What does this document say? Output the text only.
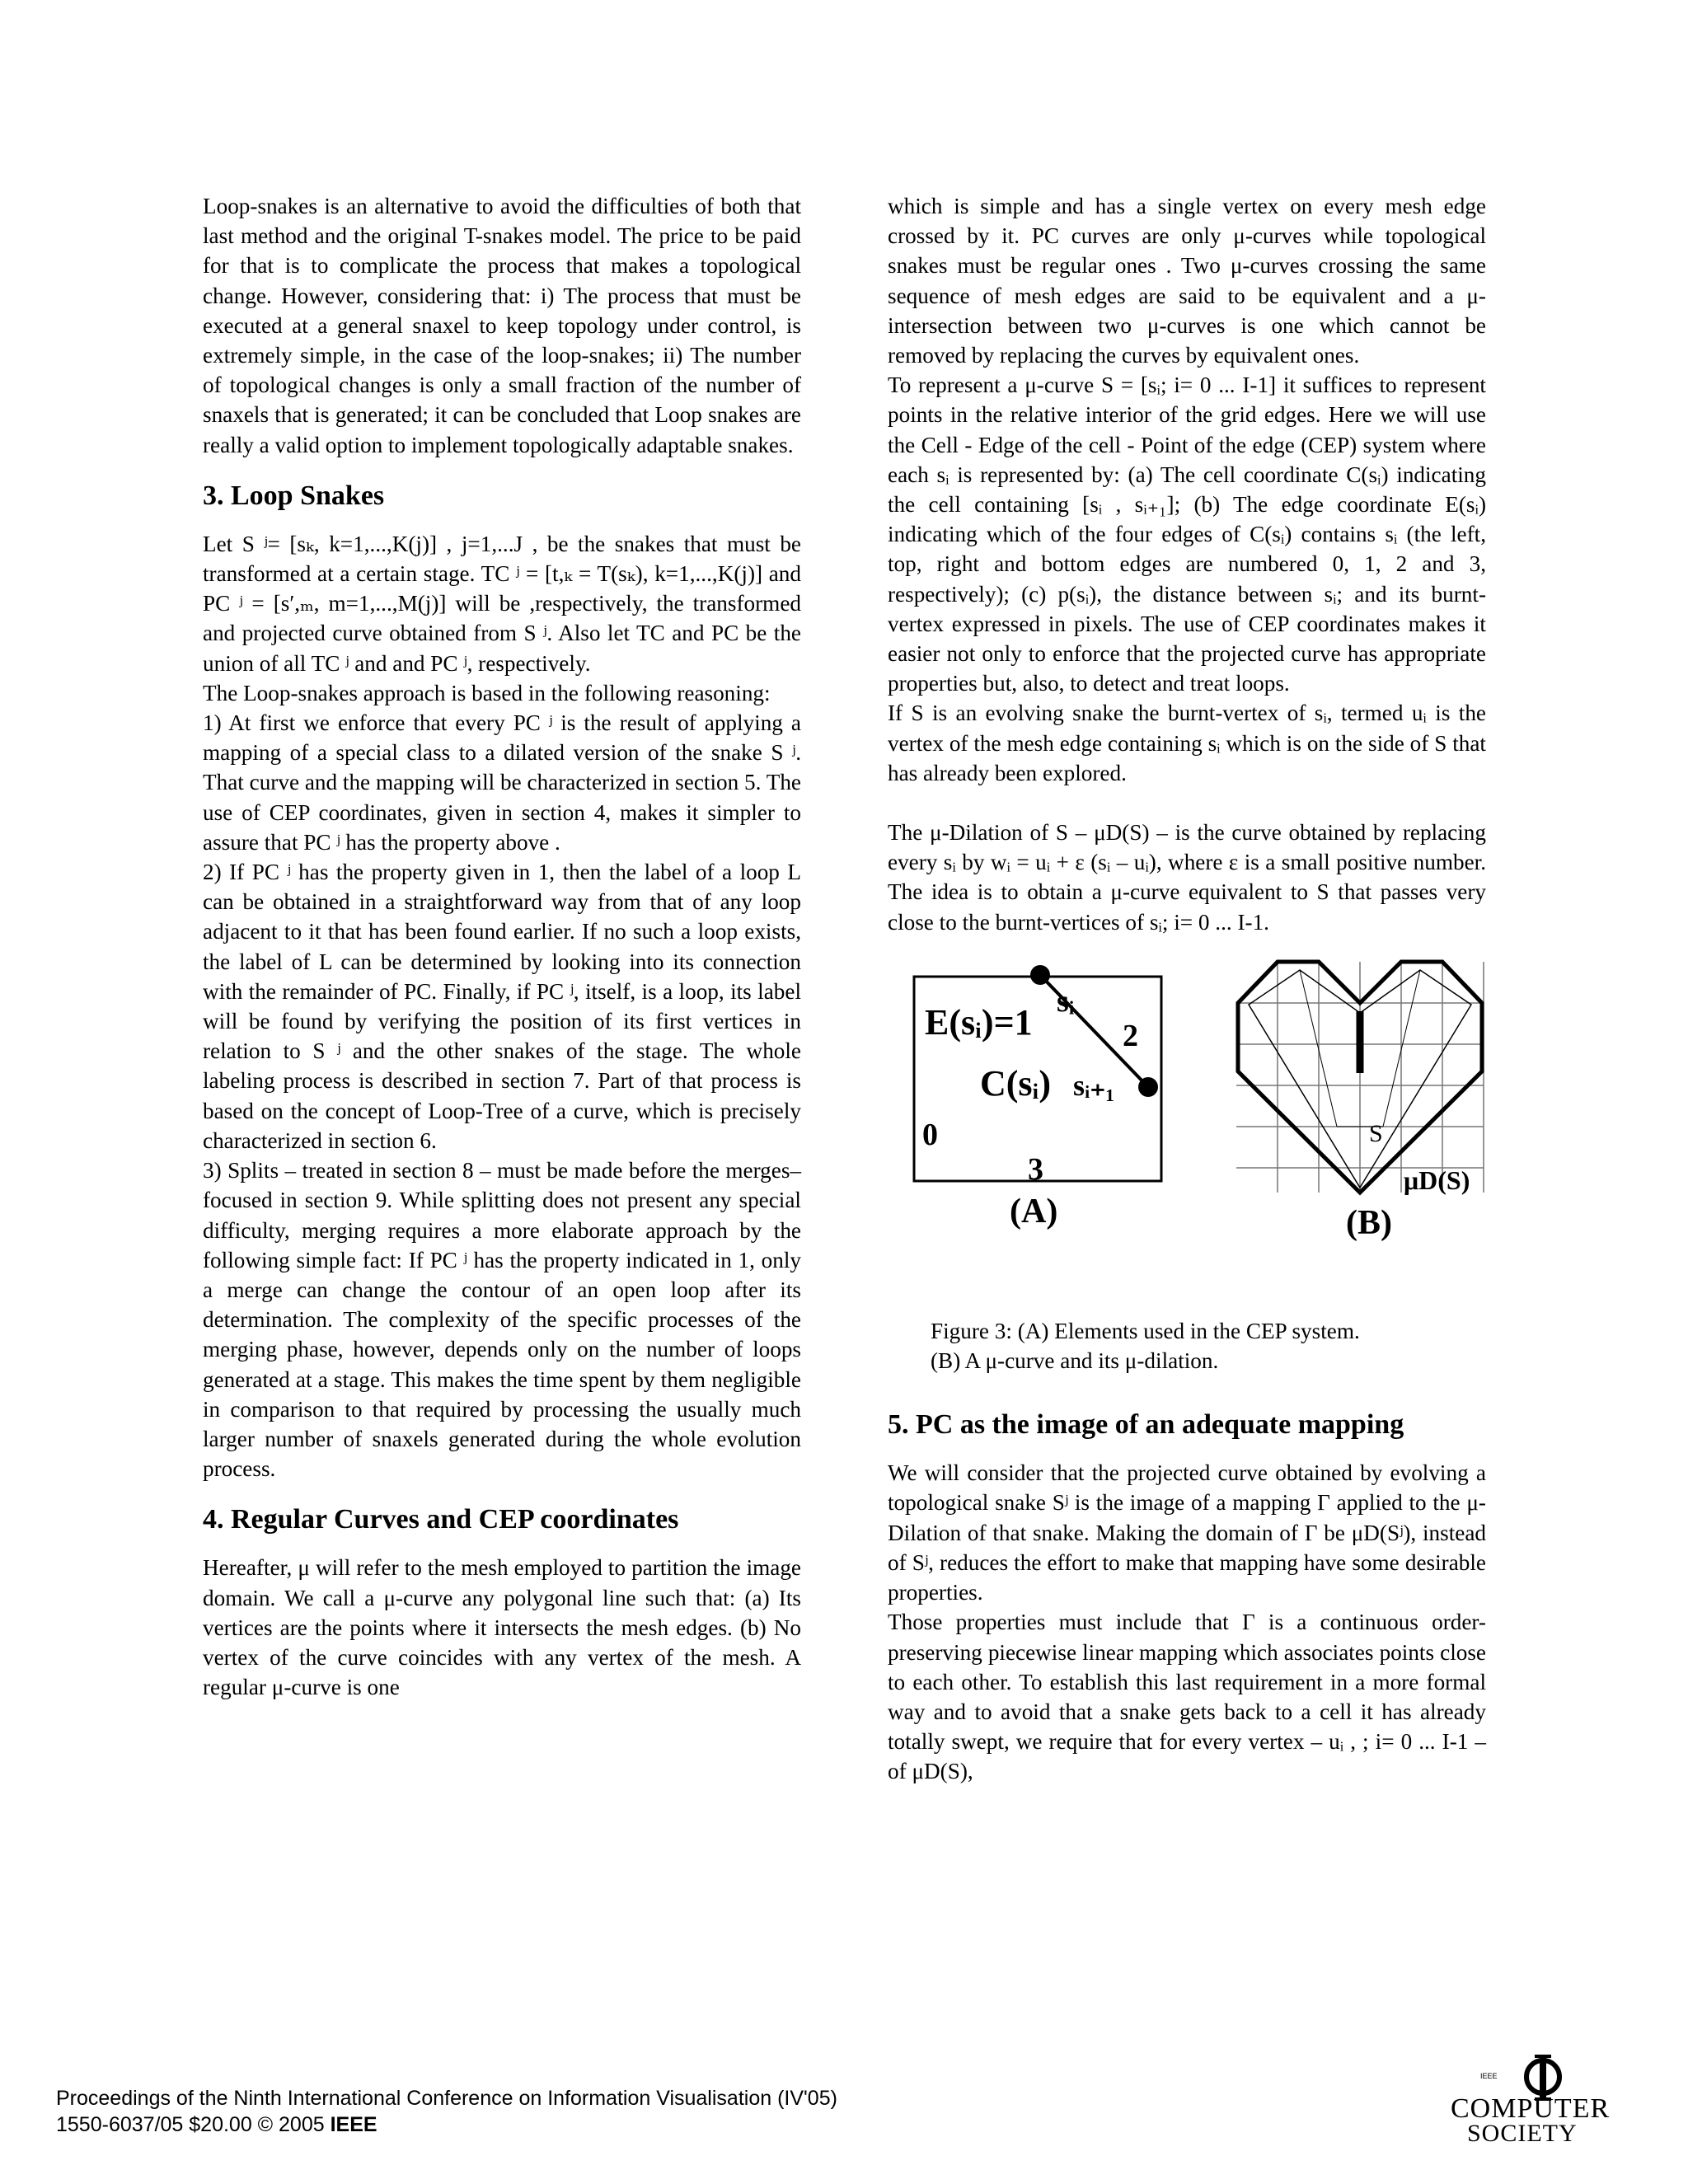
Loop-snakes is an alternative to avoid the difficulties of both that last method and the original T-snakes model. The price to be paid for that is to complicate the process that makes a topological change. However, considering that: i) The process that must be executed at a general snaxel to keep topology under control, is extremely simple, in the case of the loop-snakes; ii) The number of topological changes is only a small fraction of the number of snaxels that is generated; it can be concluded that Loop snakes are really a valid option to implement topologically adaptable snakes.

3. Loop Snakes

Let S ʲ= [sₖ, k=1,...,K(j)] , j=1,...J , be the snakes that must be transformed at a certain stage. TC ʲ = [t,ₖ = T(sₖ), k=1,...,K(j)] and PC ʲ = [s′,ₘ, m=1,...,M(j)] will be ,respectively, the transformed and projected curve obtained from S ʲ. Also let TC and PC be the union of all TC ʲ and and PC ʲ, respectively.

The Loop-snakes approach is based in the following reasoning:

1) At first we enforce that every PC ʲ is the result of applying a mapping of a special class to a dilated version of the snake S ʲ. That curve and the mapping will be characterized in section 5. The use of CEP coordinates, given in section 4, makes it simpler to assure that PC ʲ has the property above .

2) If PC ʲ has the property given in 1, then the label of a loop L can be obtained in a straightforward way from that of any loop adjacent to it that has been found earlier. If no such a loop exists, the label of L can be determined by looking into its connection with the remainder of PC. Finally, if PC ʲ, itself, is a loop, its label will be found by verifying the position of its first vertices in relation to S ʲ and the other snakes of the stage. The whole labeling process is described in section 7. Part of that process is based on the concept of Loop-Tree of a curve, which is precisely characterized in section 6.

3) Splits – treated in section 8 – must be made before the merges– focused in section 9. While splitting does not present any special difficulty, merging requires a more elaborate approach by the following simple fact: If PC ʲ has the property indicated in 1, only a merge can change the contour of an open loop after its determination. The complexity of the specific processes of the merging phase, however, depends only on the number of loops generated at a stage. This makes the time spent by them negligible in comparison to that required by processing the usually much larger number of snaxels generated during the whole evolution process.

4. Regular Curves and CEP coordinates

Hereafter, μ will refer to the mesh employed to partition the image domain. We call a μ-curve any polygonal line such that: (a) Its vertices are the points where it intersects the mesh edges. (b) No vertex of the curve coincides with any vertex of the mesh. A regular μ-curve is one

which is simple and has a single vertex on every mesh edge crossed by it. PC curves are only μ-curves while topological snakes must be regular ones . Two μ-curves crossing the same sequence of mesh edges are said to be equivalent and a μ-intersection between two μ-curves is one which cannot be removed by replacing the curves by equivalent ones.

To represent a μ-curve S = [sᵢ; i= 0 ... I-1] it suffices to represent points in the relative interior of the grid edges. Here we will use the Cell - Edge of the cell - Point of the edge (CEP) system where each sᵢ is represented by: (a) The cell coordinate C(sᵢ) indicating the cell containing [sᵢ , sᵢ₊₁]; (b) The edge coordinate E(sᵢ) indicating which of the four edges of C(sᵢ) contains sᵢ (the left, top, right and bottom edges are numbered 0, 1, 2 and 3, respectively); (c) p(sᵢ), the distance between sᵢ; and its burnt-vertex expressed in pixels. The use of CEP coordinates makes it easier not only to enforce that the projected curve has appropriate properties but, also, to detect and treat loops.

If S is an evolving snake the burnt-vertex of sᵢ, termed uᵢ is the vertex of the mesh edge containing sᵢ which is on the side of S that has already been explored.

The μ-Dilation of S – μD(S) – is the curve obtained by replacing every sᵢ by wᵢ = uᵢ + ε (sᵢ – uᵢ), where ε is a small positive number. The idea is to obtain a μ-curve equivalent to S that passes very close to the burnt-vertices of sᵢ; i= 0 ... I-1.

E(sᵢ)=1
sᵢ
2
C(sᵢ) sᵢ₊₁
0
3
(A)
S
μD(S)
(B)
Figure 3: (A) Elements used in the CEP system.
(B) A μ-curve and its μ-dilation.
5. PC as the image of an adequate mapping

We will consider that the projected curve obtained by evolving a topological snake Sʲ is the image of a mapping Γ applied to the μ-Dilation of that snake. Making the domain of Γ be μD(Sʲ), instead of Sʲ, reduces the effort to make that mapping have some desirable properties.

Those properties must include that Γ is a continuous order-preserving piecewise linear mapping which associates points close to each other. To establish this last requirement in a more formal way and to avoid that a snake gets back to a cell it has already totally swept, we require that for every vertex – uᵢ , ; i= 0 ... I-1 – of μD(S),

Proceedings of the Ninth International Conference on Information Visualisation (IV'05)
1550-6037/05 $20.00 © 2005 IEEE
IEEE
COMPUTER
SOCIETY
